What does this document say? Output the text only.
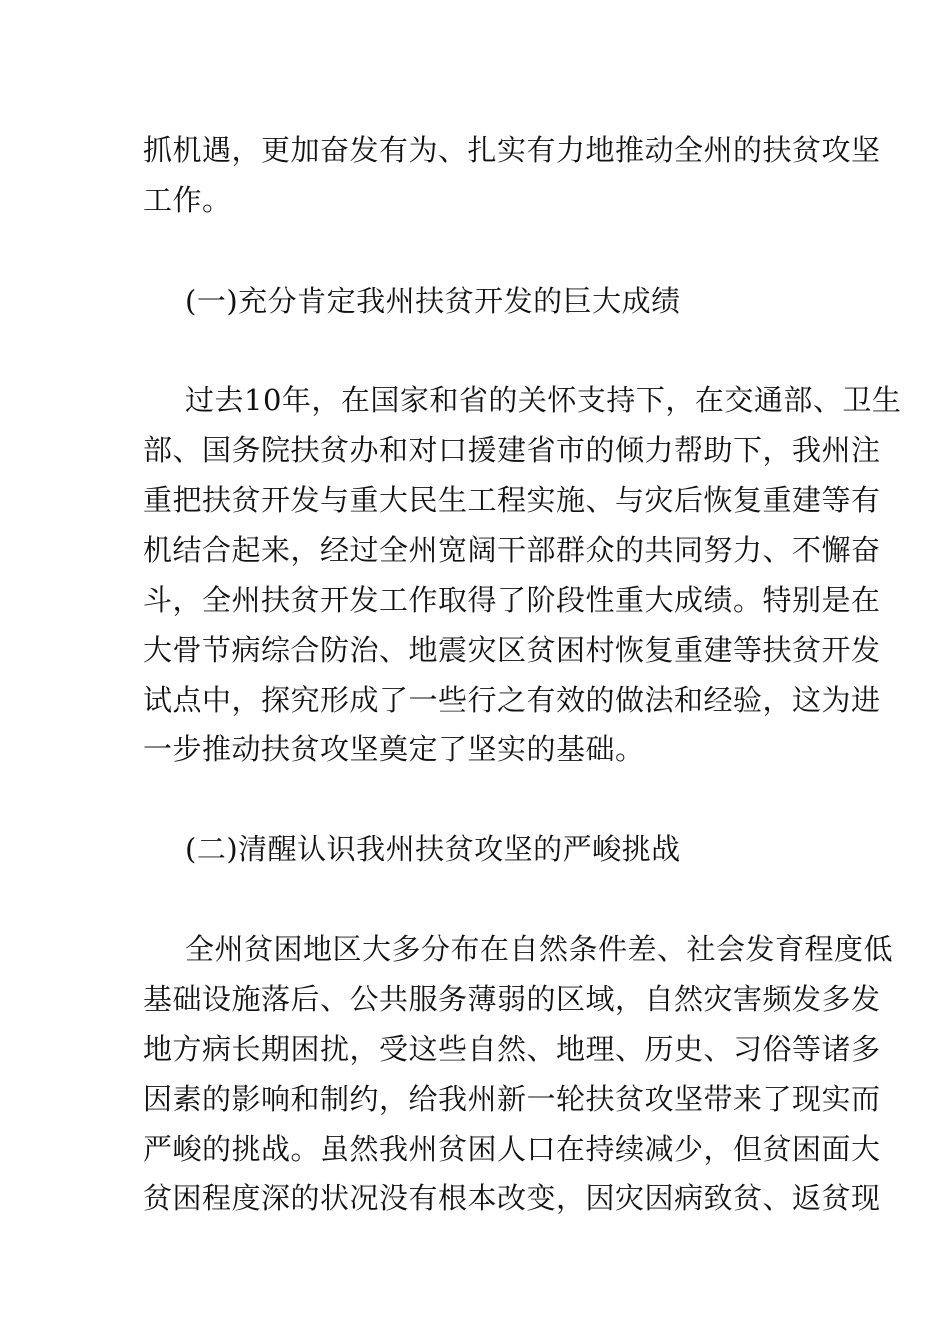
抓机遇，更加奋发有为、扎实有力地推动全州的扶贫攻坚
工作。
(一)充分肯定我州扶贫开发的巨大成绩
过去10年，在国家和省的关怀支持下，在交通部、卫生
部、国务院扶贫办和对口援建省市的倾力帮助下，我州注
重把扶贫开发与重大民生工程实施、与灾后恢复重建等有
机结合起来，经过全州宽阔干部群众的共同努力、不懈奋
斗，全州扶贫开发工作取得了阶段性重大成绩。特别是在
大骨节病综合防治、地震灾区贫困村恢复重建等扶贫开发
试点中，探究形成了一些行之有效的做法和经验，这为进
一步推动扶贫攻坚奠定了坚实的基础。
(二)清醒认识我州扶贫攻坚的严峻挑战
全州贫困地区大多分布在自然条件差、社会发育程度低
基础设施落后、公共服务薄弱的区域，自然灾害频发多发
地方病长期困扰，受这些自然、地理、历史、习俗等诸多
因素的影响和制约，给我州新一轮扶贫攻坚带来了现实而
严峻的挑战。虽然我州贫困人口在持续减少，但贫困面大
贫困程度深的状况没有根本改变，因灾因病致贫、返贫现
